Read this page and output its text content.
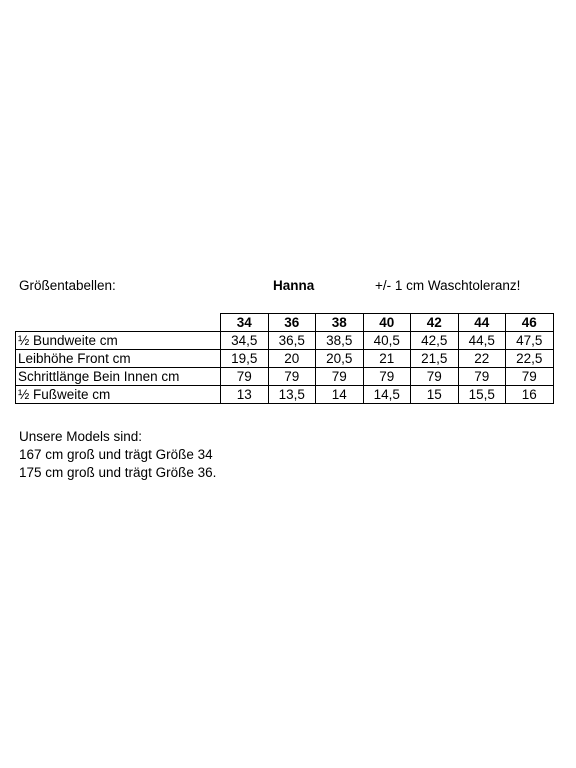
Größentabellen:	Hanna	+/- 1 cm Waschtoleranz!
	34	36	38	40	42	44	46
½ Bundweite cm	34,5	36,5	38,5	40,5	42,5	44,5	47,5
Leibhöhe Front cm	19,5	20	20,5	21	21,5	22	22,5
Schrittlänge Bein Innen cm	79	79	79	79	79	79	79
½ Fußweite cm	13	13,5	14	14,5	15	15,5	16
Unsere Models sind:
167 cm groß und trägt Größe 34
175 cm groß und trägt Größe 36.
